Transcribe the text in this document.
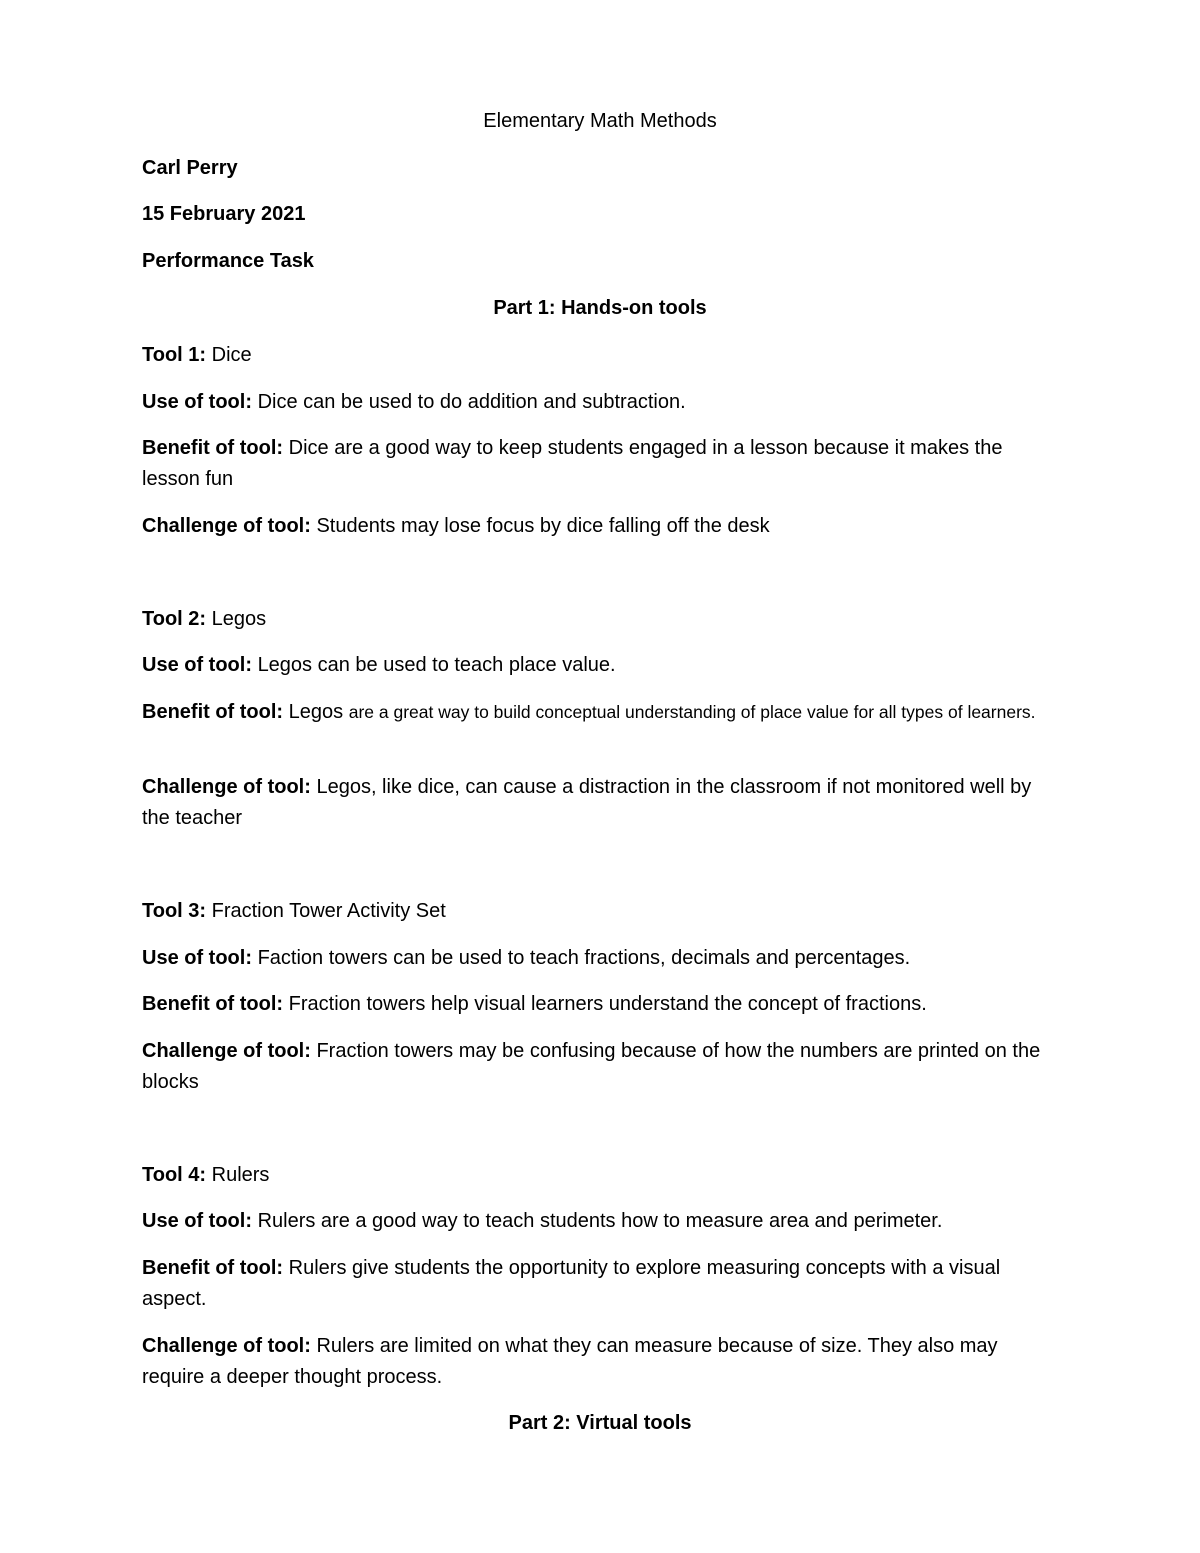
Elementary Math Methods
Carl Perry
15 February 2021
Performance Task
Part 1: Hands-on tools
Tool 1: Dice
Use of tool: Dice can be used to do addition and subtraction.
Benefit of tool: Dice are a good way to keep students engaged in a lesson because it makes the lesson fun
Challenge of tool: Students may lose focus by dice falling off the desk
Tool 2: Legos
Use of tool: Legos can be used to teach place value.
Benefit of tool: Legos are a great way to build conceptual understanding of place value for all types of learners.
Challenge of tool: Legos, like dice, can cause a distraction in the classroom if not monitored well by the teacher
Tool 3: Fraction Tower Activity Set
Use of tool: Faction towers can be used to teach fractions, decimals and percentages.
Benefit of tool: Fraction towers help visual learners understand the concept of fractions.
Challenge of tool: Fraction towers may be confusing because of how the numbers are printed on the blocks
Tool 4: Rulers
Use of tool: Rulers are a good way to teach students how to measure area and perimeter.
Benefit of tool: Rulers give students the opportunity to explore measuring concepts with a visual aspect.
Challenge of tool: Rulers are limited on what they can measure because of size. They also may require a deeper thought process.
Part 2: Virtual tools
